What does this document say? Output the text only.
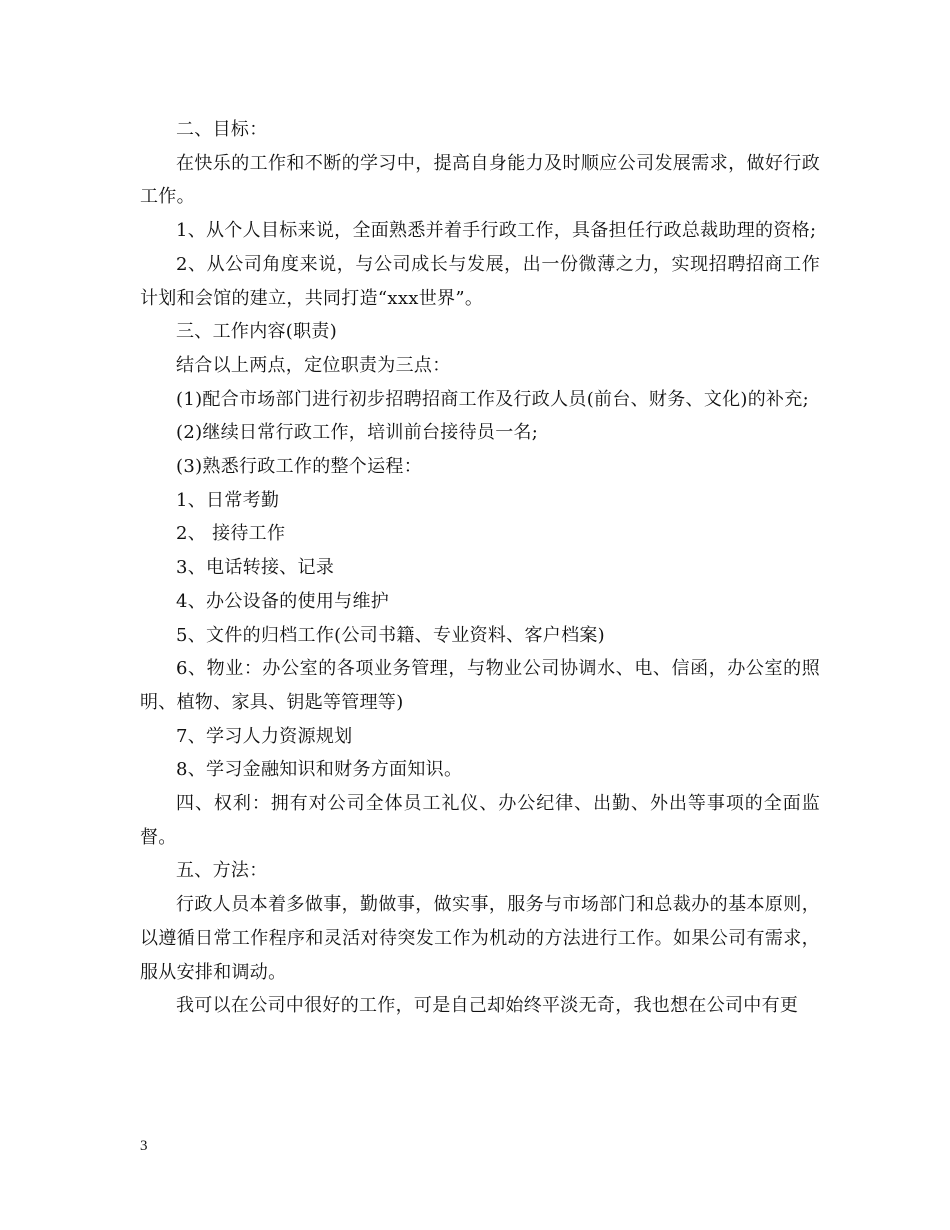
二、目标：

在快乐的工作和不断的学习中，提高自身能力及时顺应公司发展需求，做好行政工作。

1、从个人目标来说，全面熟悉并着手行政工作，具备担任行政总裁助理的资格;

2、从公司角度来说，与公司成长与发展，出一份微薄之力，实现招聘招商工作计划和会馆的建立，共同打造“xxx世界”。

三、工作内容(职责)

结合以上两点，定位职责为三点：

(1)配合市场部门进行初步招聘招商工作及行政人员(前台、财务、文化)的补充;

(2)继续日常行政工作，培训前台接待员一名;

(3)熟悉行政工作的整个运程：

1、日常考勤

2、 接待工作

3、电话转接、记录

4、办公设备的使用与维护

5、文件的归档工作(公司书籍、专业资料、客户档案)

6、物业：办公室的各项业务管理，与物业公司协调水、电、信函，办公室的照明、植物、家具、钥匙等管理等)

7、学习人力资源规划

8、学习金融知识和财务方面知识。

四、权利：拥有对公司全体员工礼仪、办公纪律、出勤、外出等事项的全面监督。

五、方法：

行政人员本着多做事，勤做事，做实事，服务与市场部门和总裁办的基本原则，以遵循日常工作程序和灵活对待突发工作为机动的方法进行工作。如果公司有需求，服从安排和调动。

我可以在公司中很好的工作，可是自己却始终平淡无奇，我也想在公司中有更

3
